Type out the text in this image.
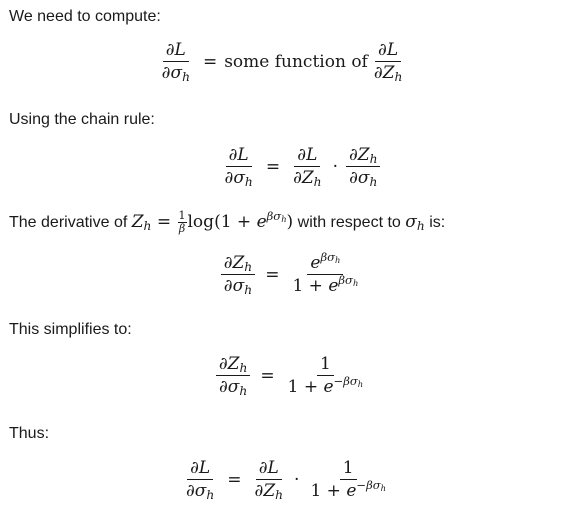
We need to compute:
$\frac{\partial L}{\partial\sigma_h}$ = some function of $\frac{\partial L}{\partial Z_h}$
Using the chain rule:
$\frac{\partial L}{\partial\sigma_h} = \frac{\partial L}{\partial Z_h} \cdot \frac{\partial Z_h}{\partial\sigma_h}$
The derivative of $Z_h = \frac{1}{\beta} \log(1 + e^{\beta\sigma_h})$ with respect to $\sigma_h$ is:
$\frac{\partial Z_h}{\partial\sigma_h} = \frac{e^{\beta\sigma_h}}{1 + e^{\beta\sigma_h}}$
This simplifies to:
$\frac{\partial Z_h}{\partial\sigma_h} = \frac{1}{1 + e^{-\beta\sigma_h}}$
Thus:
$\frac{\partial L}{\partial\sigma_h} = \frac{\partial L}{\partial Z_h} \cdot \frac{1}{1 + e^{-\beta\sigma_h}}$
